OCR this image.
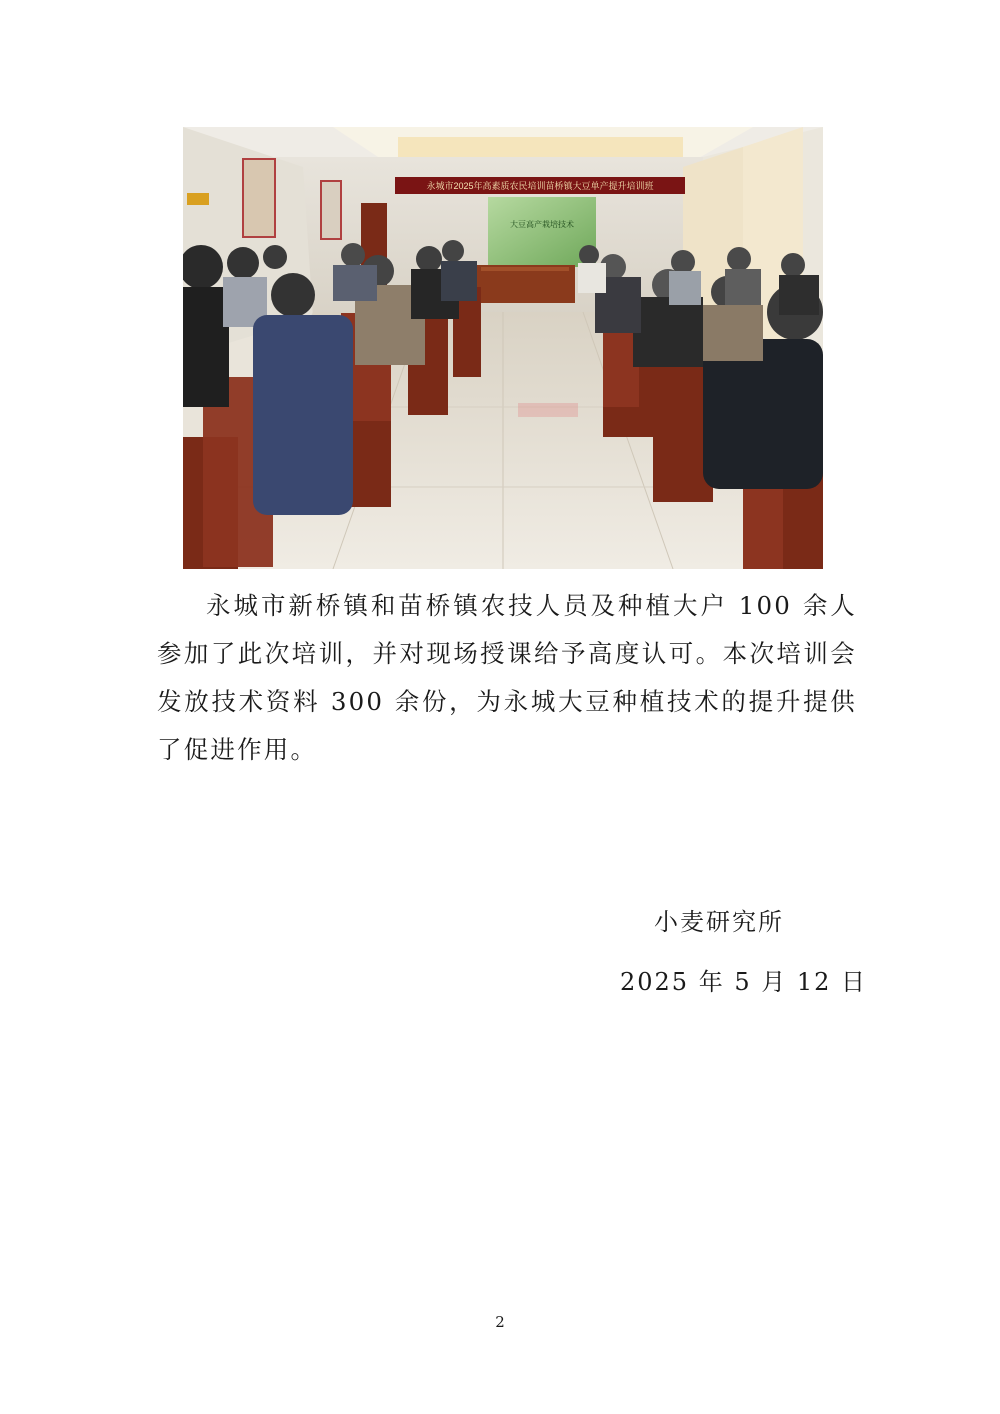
永城市2025年高素质农民培训苗桥镇大豆单产提升培训班
大豆高产栽培技术
永城市新桥镇和苗桥镇农技人员及种植大户 100 余人参加了此次培训，并对现场授课给予高度认可。本次培训会发放技术资料 300 余份，为永城大豆种植技术的提升提供了促进作用。
小麦研究所
2025 年 5 月 12 日
2
